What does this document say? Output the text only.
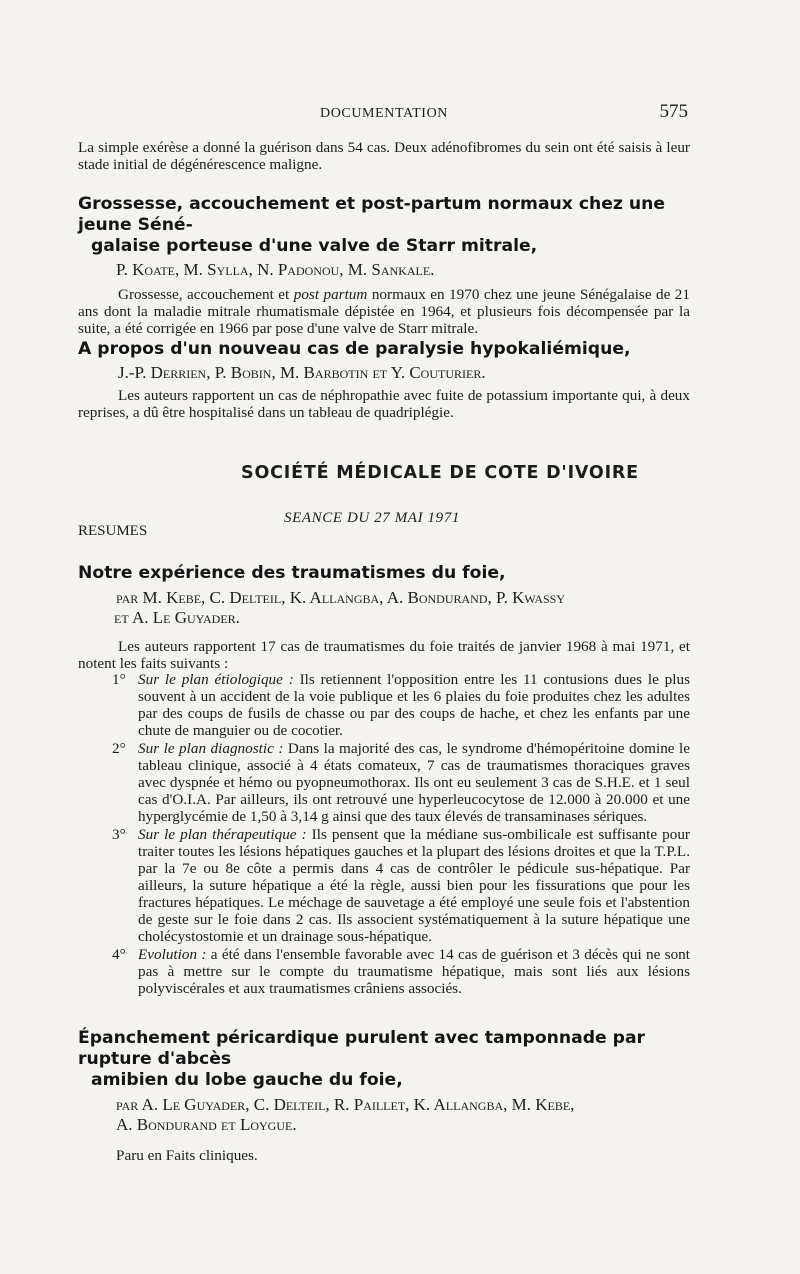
DOCUMENTATION	575
La simple exérèse a donné la guérison dans 54 cas. Deux adénofibromes du sein ont été saisis à leur stade initial de dégénérescence maligne.
Grossesse, accouchement et post-partum normaux chez une jeune Séné-
galaise porteuse d'une valve de Starr mitrale,
P. Koate, M. Sylla, N. Padonou, M. Sankale.
Grossesse, accouchement et post partum normaux en 1970 chez une jeune Sénégalaise de 21 ans dont la maladie mitrale rhumatismale dépistée en 1964, et plusieurs fois décompensée par la suite, a été corrigée en 1966 par pose d'une valve de Starr mitrale.
A propos d'un nouveau cas de paralysie hypokaliémique,
J.-P. Derrien, P. Bobin, M. Barbotin et Y. Couturier.
Les auteurs rapportent un cas de néphropathie avec fuite de potassium importante qui, à deux reprises, a dû être hospitalisé dans un tableau de quadriplégie.
SOCIÉTÉ MÉDICALE DE COTE D'IVOIRE
SEANCE DU 27 MAI 1971
RESUMES
Notre expérience des traumatismes du foie,
par M. Kebe, C. Delteil, K. Allangba, A. Bondurand, P. Kwassy
et A. Le Guyader.
Les auteurs rapportent 17 cas de traumatismes du foie traités de janvier 1968 à mai 1971, et notent les faits suivants :
1° Sur le plan étiologique : Ils retiennent l'opposition entre les 11 contusions dues le plus souvent à un accident de la voie publique et les 6 plaies du foie produites chez les adultes par des coups de fusils de chasse ou par des coups de hache, et chez les enfants par une chute de manguier ou de cocotier.
2° Sur le plan diagnostic : Dans la majorité des cas, le syndrome d'hémopéritoine domine le tableau clinique, associé à 4 états comateux, 7 cas de traumatismes thoraciques graves avec dyspnée et hémo ou pyopneumothorax. Ils ont eu seulement 3 cas de S.H.E. et 1 seul cas d'O.I.A. Par ailleurs, ils ont retrouvé une hyperleucocytose de 12.000 à 20.000 et une hyperglycémie de 1,50 à 3,14 g ainsi que des taux élevés de transaminases sériques.
3° Sur le plan thérapeutique : Ils pensent que la médiane sus-ombilicale est suffisante pour traiter toutes les lésions hépatiques gauches et la plupart des lésions droites et que la T.P.L. par la 7e ou 8e côte a permis dans 4 cas de contrôler le pédicule sus-hépatique. Par ailleurs, la suture hépatique a été la règle, aussi bien pour les fissurations que pour les fractures hépatiques. Le méchage de sauvetage a été employé une seule fois et l'abstention de geste sur le foie dans 2 cas. Ils associent systématiquement à la suture hépatique une cholécystostomie et un drainage sous-hépatique.
4° Evolution : a été dans l'ensemble favorable avec 14 cas de guérison et 3 décès qui ne sont pas à mettre sur le compte du traumatisme hépatique, mais sont liés aux lésions polyviscérales et aux traumatismes crâniens associés.
Épanchement péricardique purulent avec tamponnade par rupture d'abcès
amibien du lobe gauche du foie,
par A. Le Guyader, C. Delteil, R. Paillet, K. Allangba, M. Kebe,
A. Bondurand et Loygue.
Paru en Faits cliniques.
